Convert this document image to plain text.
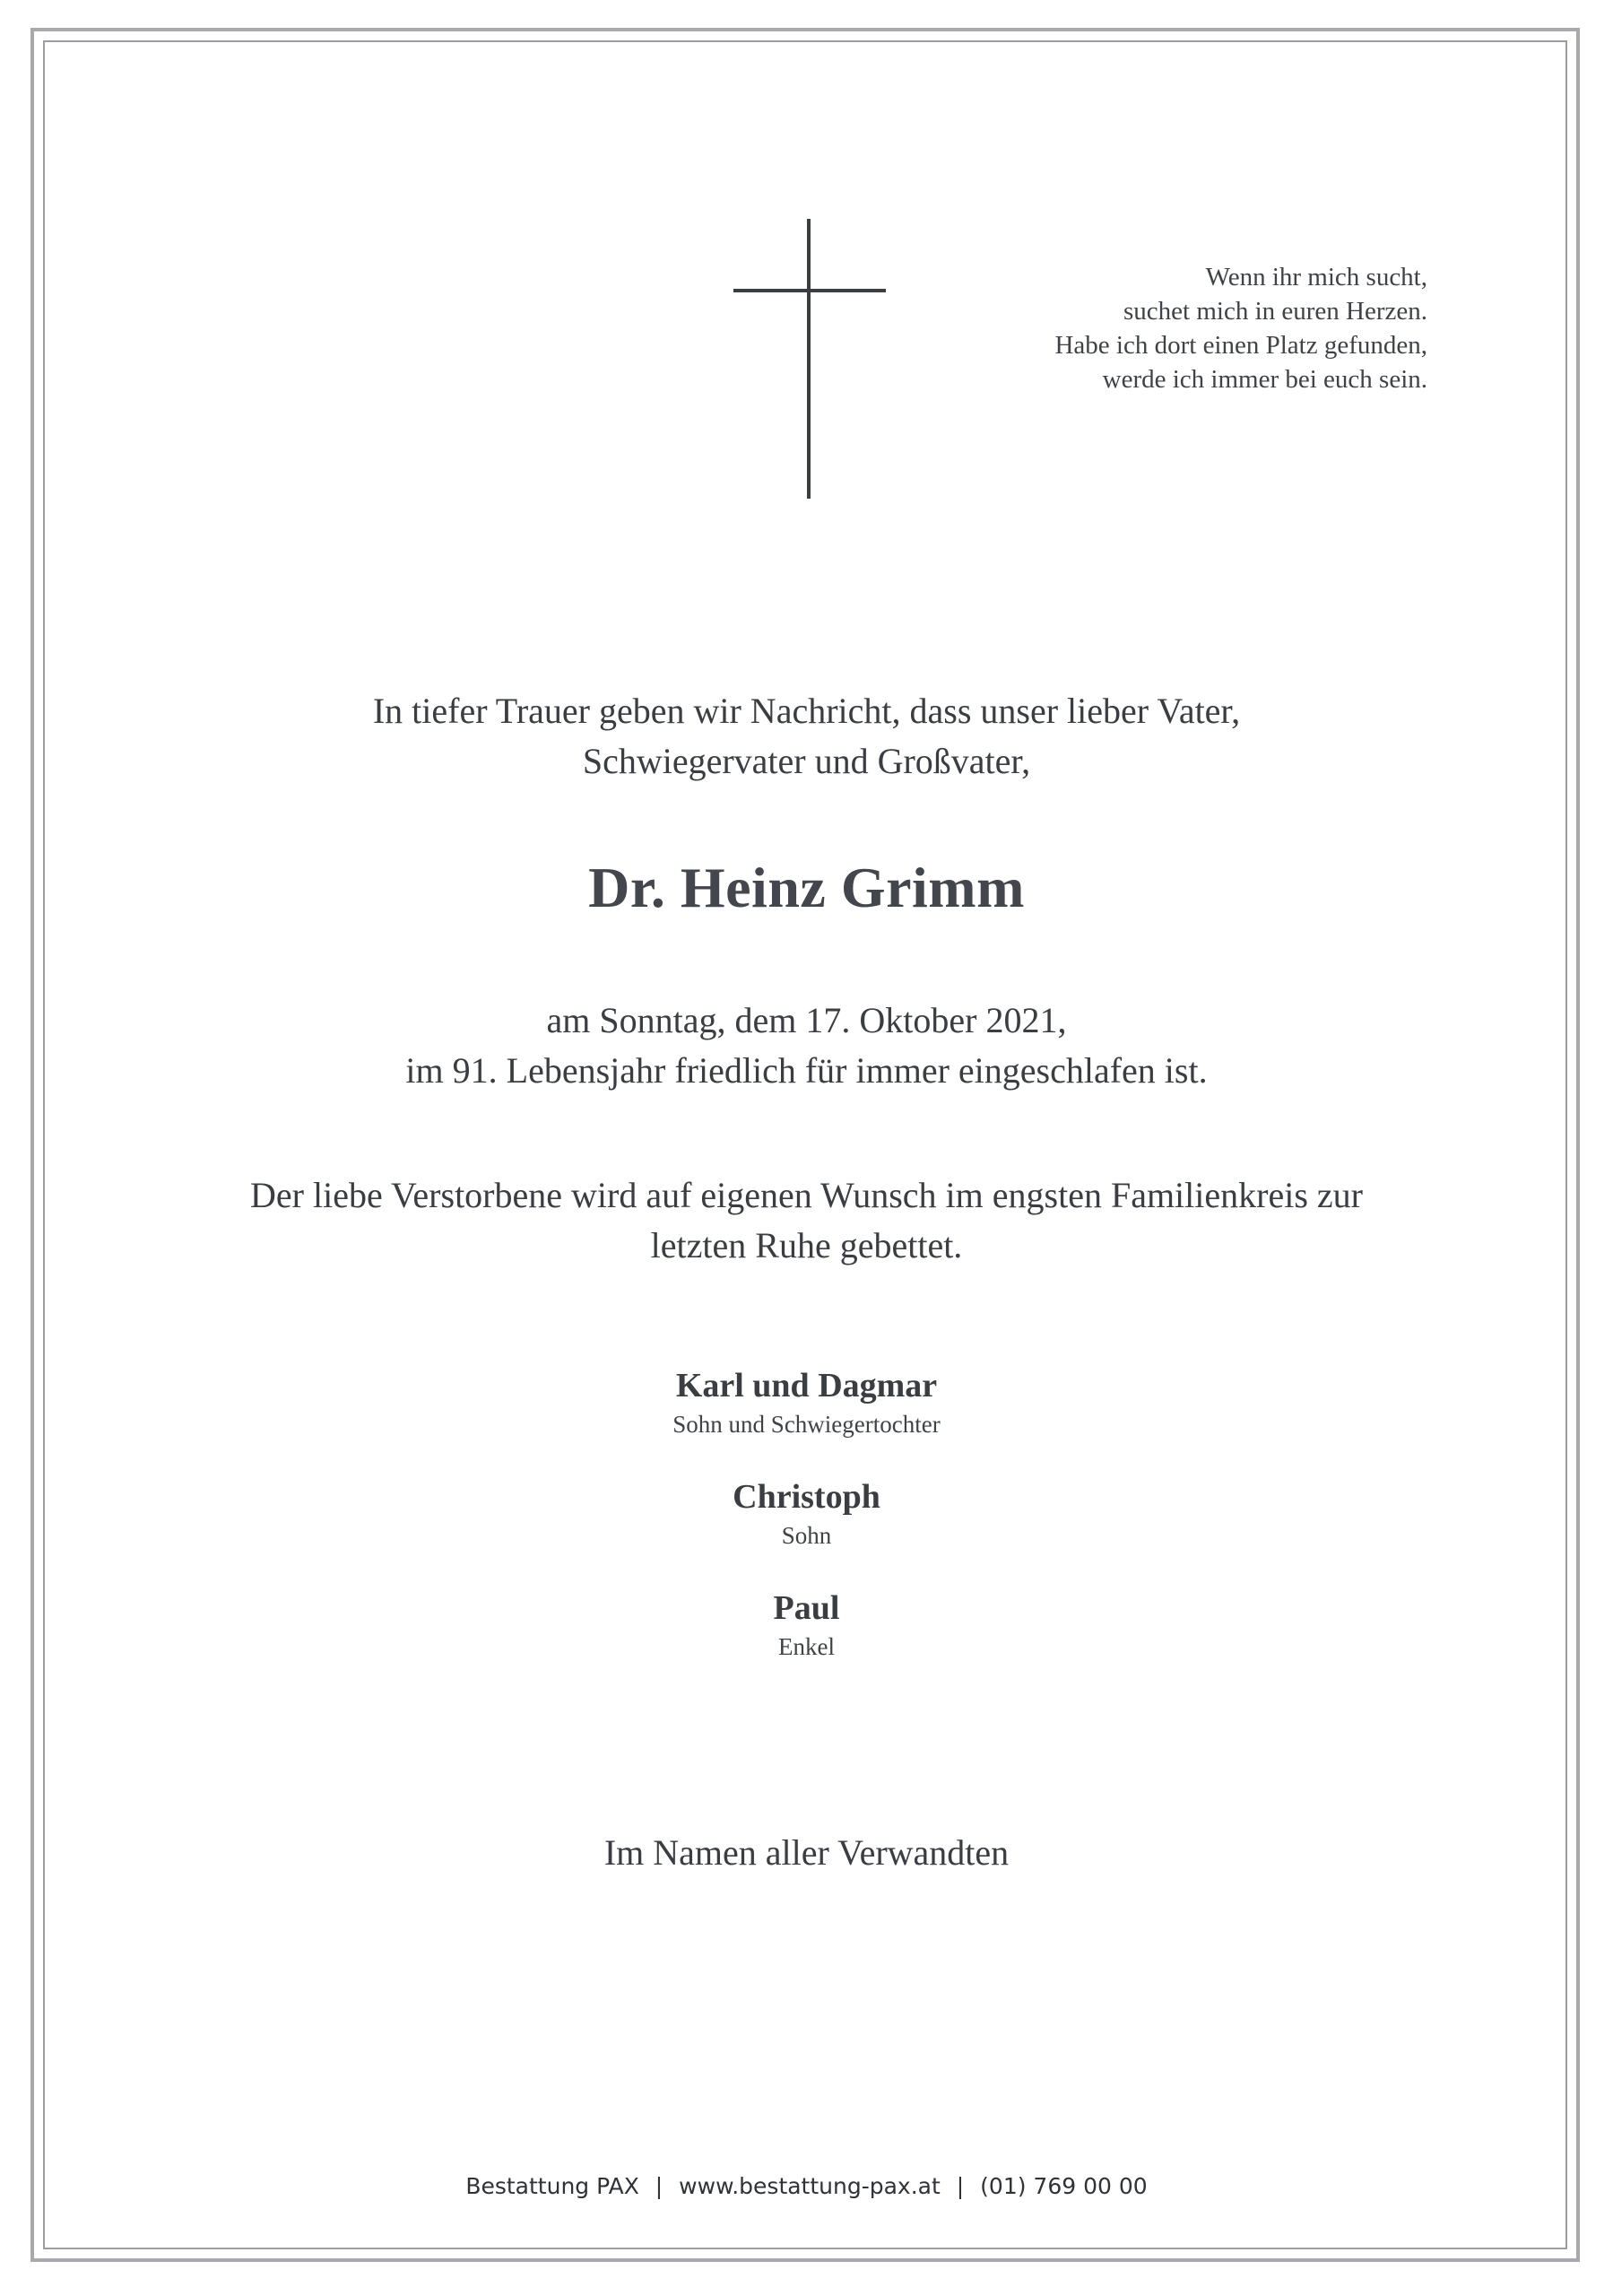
Wenn ihr mich sucht,
suchet mich in euren Herzen.
Habe ich dort einen Platz gefunden,
werde ich immer bei euch sein.
In tiefer Trauer geben wir Nachricht, dass unser lieber Vater,
Schwiegervater und Großvater,
Dr. Heinz Grimm
am Sonntag, dem 17. Oktober 2021,
im 91. Lebensjahr friedlich für immer eingeschlafen ist.
Der liebe Verstorbene wird auf eigenen Wunsch im engsten Familienkreis zur
letzten Ruhe gebettet.
Karl und Dagmar
Sohn und Schwiegertochter
Christoph
Sohn
Paul
Enkel
Im Namen aller Verwandten
Bestattung PAX | www.bestattung-pax.at | (01) 769 00 00
